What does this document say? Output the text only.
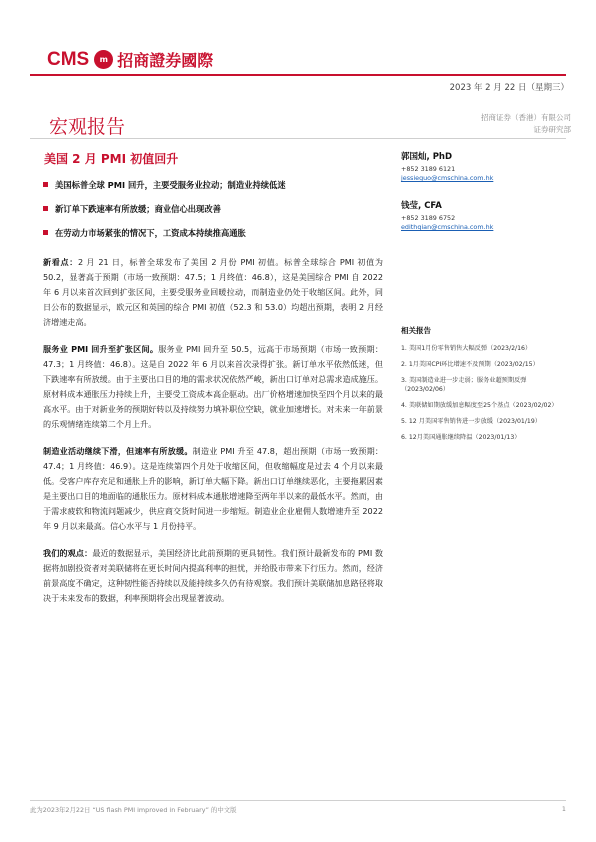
CMS m 招商證券國際
2023 年 2 月 22 日（星期三）
宏观报告	招商证券（香港）有限公司
证券研究部
美国 2 月 PMI 初值回升
美国标普全球 PMI 回升，主要受服务业拉动；制造业持续低迷
新订单下跌速率有所放缓；商业信心出现改善
在劳动力市场紧张的情况下，工资成本持续推高通胀

新看点：2 月 21 日，标普全球发布了美国 2 月份 PMI 初值。标普全球综合 PMI 初值为 50.2，显著高于预期（市场一致预期：47.5；1 月终值：46.8），这是美国综合 PMI 自 2022 年 6 月以来首次回到扩张区间，主要受服务业回暖拉动，而制造业仍处于收缩区间。此外，同日公布的数据显示，欧元区和英国的综合 PMI 初值（52.3 和 53.0）均超出预期，表明 2 月经济增速走高。

服务业 PMI 回升至扩张区间。服务业 PMI 回升至 50.5，远高于市场预期（市场一致预期：47.3；1 月终值：46.8）。这是自 2022 年 6 月以来首次录得扩张。新订单水平依然低迷，但下跌速率有所放缓。由于主要出口目的地的需求状况依然严峻，新出口订单对总需求造成施压。原材料成本通胀压力持续上升，主要受工资成本高企驱动。出厂价格增速加快至四个月以来的最高水平。由于对新业务的预期好转以及持续努力填补职位空缺，就业加速增长。对未来一年前景的乐观情绪连续第二个月上升。

制造业活动继续下滑，但速率有所放缓。制造业 PMI 升至 47.8，超出预期（市场一致预期：47.4；1 月终值：46.9）。这是连续第四个月处于收缩区间，但收缩幅度是过去 4 个月以来最低。受客户库存充足和通胀上升的影响，新订单大幅下降。新出口订单继续恶化，主要拖累因素是主要出口目的地面临的通胀压力。原材料成本通胀增速降至两年半以来的最低水平。然而，由于需求疲软和物流问题减少，供应商交货时间进一步缩短。制造业企业雇佣人数增速升至 2022 年 9 月以来最高。信心水平与 1 月份持平。

我们的观点：最近的数据显示，美国经济比此前预期的更具韧性。我们预计最新发布的 PMI 数据将加剧投资者对美联储将在更长时间内提高利率的担忧，并给股市带来下行压力。然而，经济前景高度不确定，这种韧性能否持续以及能持续多久仍有待观察。我们预计美联储加息路径将取决于未来发布的数据，利率预期将会出现显著波动。

郭国灿, PhD
+852 3189 6121
jessieguo@cmschina.com.hk
钱莹, CFA
+852 3189 6752
edithqian@cmschina.com.hk
相关报告
1. 美国1月份零售销售大幅反弹（2023/2/16）
2. 1月美国CPI环比增速不及预期（2023/02/15）
3. 美国制造业进一步走弱；服务业超预期反弹（2023/02/06）
4. 美联储如期放缓加息幅度至25个基点（2023/02/02）
5. 12 月美国零售销售进一步放缓（2023/01/19）
6. 12月美国通胀继续降温（2023/01/13）
此为2023年2月22日 “US flash PMI improved in February” 的中文版	1
